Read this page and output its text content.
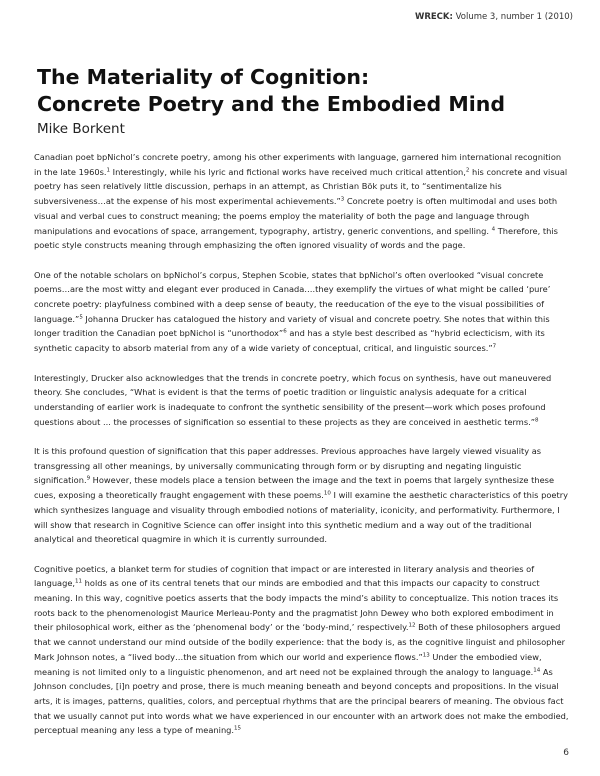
WRECK: Volume 3, number 1 (2010)
The Materiality of Cognition:
Concrete Poetry and the Embodied Mind

Mike Borkent

Canadian poet bpNichol’s concrete poetry, among his other experiments with language, garnered him international recognition in the late 1960s.$^1$ Interestingly, while his lyric and fictional works have received much critical attention,$^2$ his concrete and visual poetry has seen relatively little discussion, perhaps in an attempt, as Christian Bök puts it, to “sentimentalize his subversiveness…at the expense of his most experimental achievements.”$^3$ Concrete poetry is often multimodal and uses both visual and verbal cues to construct meaning; the poems employ the materiality of both the page and language through manipulations and evocations of space, arrangement, typography, artistry, generic conventions, and spelling. $^4$ Therefore, this poetic style constructs meaning through emphasizing the often ignored visuality of words and the page.

One of the notable scholars on bpNichol’s corpus, Stephen Scobie, states that bpNichol’s often overlooked “visual concrete poems…are the most witty and elegant ever produced in Canada….they exemplify the virtues of what might be called ‘pure’ concrete poetry: playfulness combined with a deep sense of beauty, the reeducation of the eye to the visual possibilities of language.”$^5$ Johanna Drucker has catalogued the history and variety of visual and concrete poetry. She notes that within this longer tradition the Canadian poet bpNichol is “unorthodox”$^6$ and has a style best described as “hybrid eclecticism, with its synthetic capacity to absorb material from any of a wide variety of conceptual, critical, and linguistic sources.”$^7$

Interestingly, Drucker also acknowledges that the trends in concrete poetry, which focus on synthesis, have out maneuvered theory. She concludes, “What is evident is that the terms of poetic tradition or linguistic analysis adequate for a critical understanding of earlier work is inadequate to confront the synthetic sensibility of the present—work which poses profound questions about ... the processes of signification so essential to these projects as they are conceived in aesthetic terms.”$^8$

It is this profound question of signification that this paper addresses. Previous approaches have largely viewed visuality as transgressing all other meanings, by universally communicating through form or by disrupting and negating linguistic signification.$^9$ However, these models place a tension between the image and the text in poems that largely synthesize these cues, exposing a theoretically fraught engagement with these poems.$^{10}$ I will examine the aesthetic characteristics of this poetry which synthesizes language and visuality through embodied notions of materiality, iconicity, and performativity. Furthermore, I will show that research in Cognitive Science can offer insight into this synthetic medium and a way out of the traditional analytical and theoretical quagmire in which it is currently surrounded.

Cognitive poetics, a blanket term for studies of cognition that impact or are interested in literary analysis and theories of language,$^{11}$ holds as one of its central tenets that our minds are embodied and that this impacts our capacity to construct meaning. In this way, cognitive poetics asserts that the body impacts the mind’s ability to conceptualize. This notion traces its roots back to the phenomenologist Maurice Merleau-Ponty and the pragmatist John Dewey who both explored embodiment in their philosophical work, either as the ‘phenomenal body’ or the ‘body-mind,’ respectively.$^{12}$ Both of these philosophers argued that we cannot understand our mind outside of the bodily experience: that the body is, as the cognitive linguist and philosopher Mark Johnson notes, a “lived body…the situation from which our world and experience flows.”$^{13}$ Under the embodied view, meaning is not limited only to a linguistic phenomenon, and art need not be explained through the analogy to language.$^{14}$ As Johnson concludes, [i]n poetry and prose, there is much meaning beneath and beyond concepts and propositions. In the visual arts, it is images, patterns, qualities, colors, and perceptual rhythms that are the principal bearers of meaning. The obvious fact that we usually cannot put into words what we have experienced in our encounter with an artwork does not make the embodied, perceptual meaning any less a type of meaning.$^{15}$

6
